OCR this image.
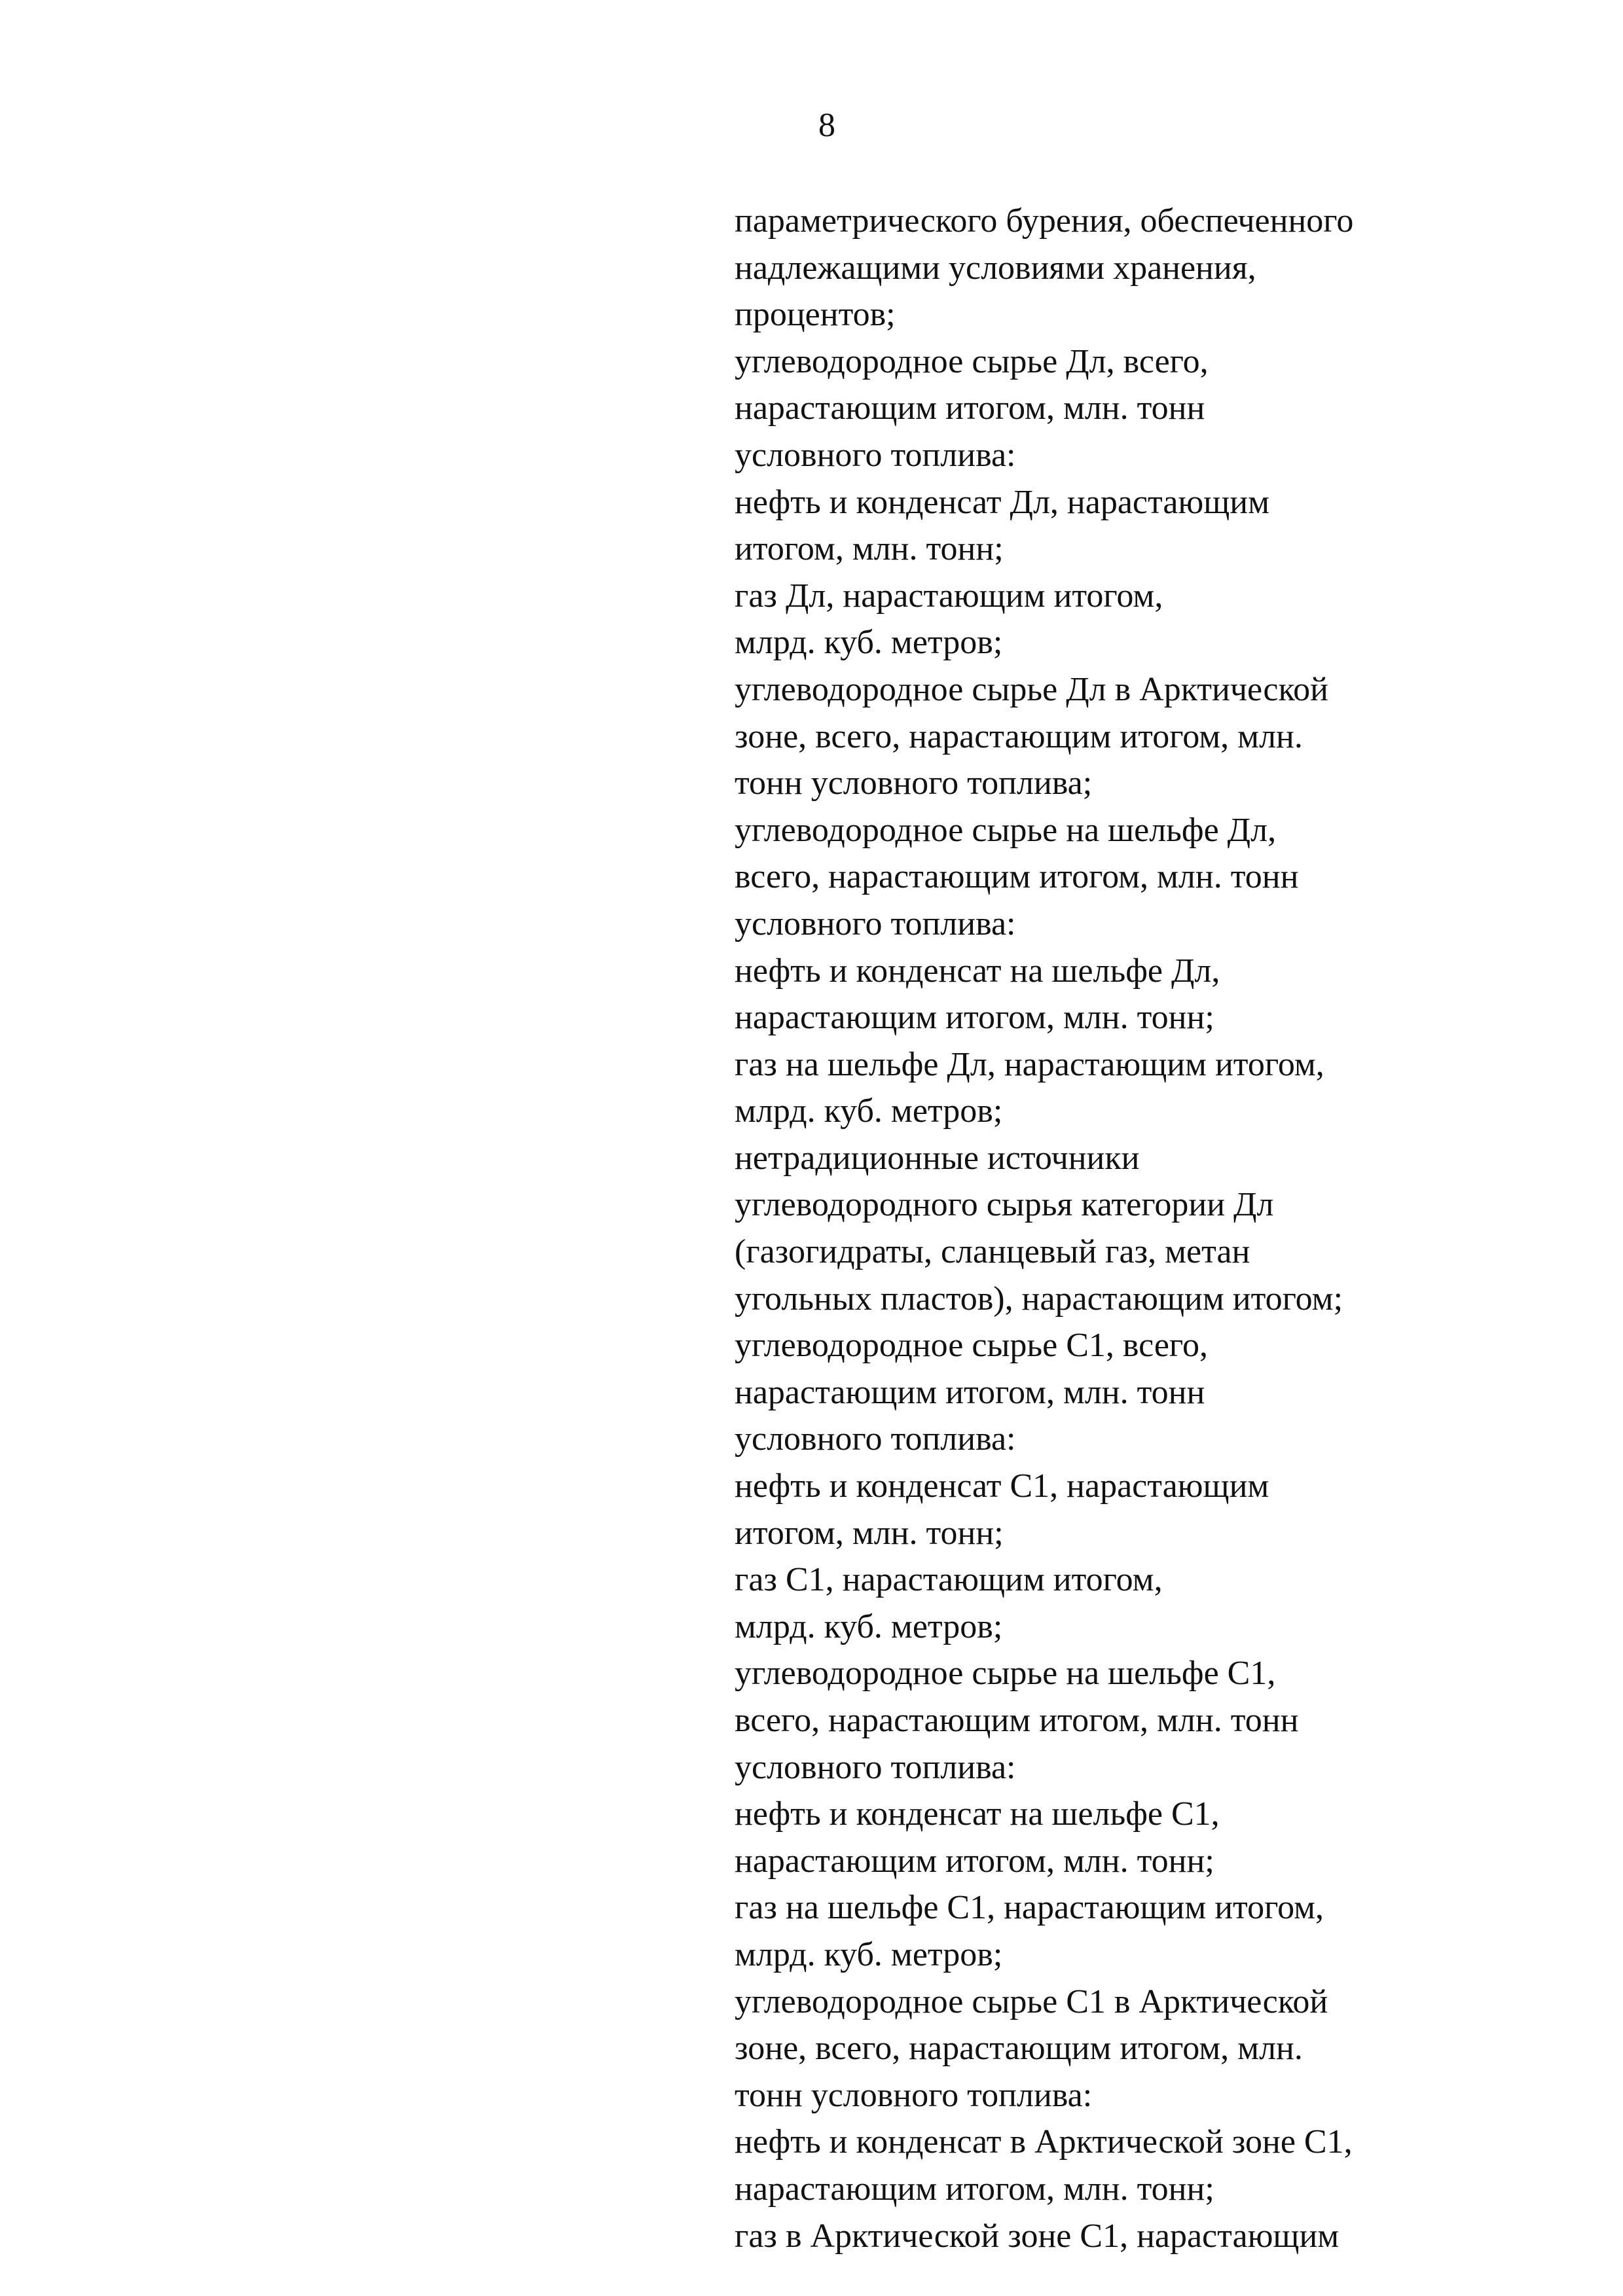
8
параметрического бурения, обеспеченного
надлежащими условиями хранения,
процентов;
углеводородное сырье Дл, всего,
нарастающим итогом, млн. тонн
условного топлива:
нефть и конденсат Дл, нарастающим
итогом, млн. тонн;
газ Дл, нарастающим итогом,
млрд. куб. метров;
углеводородное сырье Дл в Арктической
зоне, всего, нарастающим итогом, млн.
тонн условного топлива;
углеводородное сырье на шельфе Дл,
всего, нарастающим итогом, млн. тонн
условного топлива:
нефть и конденсат на шельфе Дл,
нарастающим итогом, млн. тонн;
газ на шельфе Дл, нарастающим итогом,
млрд. куб. метров;
нетрадиционные источники
углеводородного сырья категории Дл
(газогидраты, сланцевый газ, метан
угольных пластов), нарастающим итогом;
углеводородное сырье С1, всего,
нарастающим итогом, млн. тонн
условного топлива:
нефть и конденсат С1, нарастающим
итогом, млн. тонн;
газ С1, нарастающим итогом,
млрд. куб. метров;
углеводородное сырье на шельфе С1,
всего, нарастающим итогом, млн. тонн
условного топлива:
нефть и конденсат на шельфе С1,
нарастающим итогом, млн. тонн;
газ на шельфе С1, нарастающим итогом,
млрд. куб. метров;
углеводородное сырье С1 в Арктической
зоне, всего, нарастающим итогом, млн.
тонн условного топлива:
нефть и конденсат в Арктической зоне С1,
нарастающим итогом, млн. тонн;
газ в Арктической зоне С1, нарастающим
